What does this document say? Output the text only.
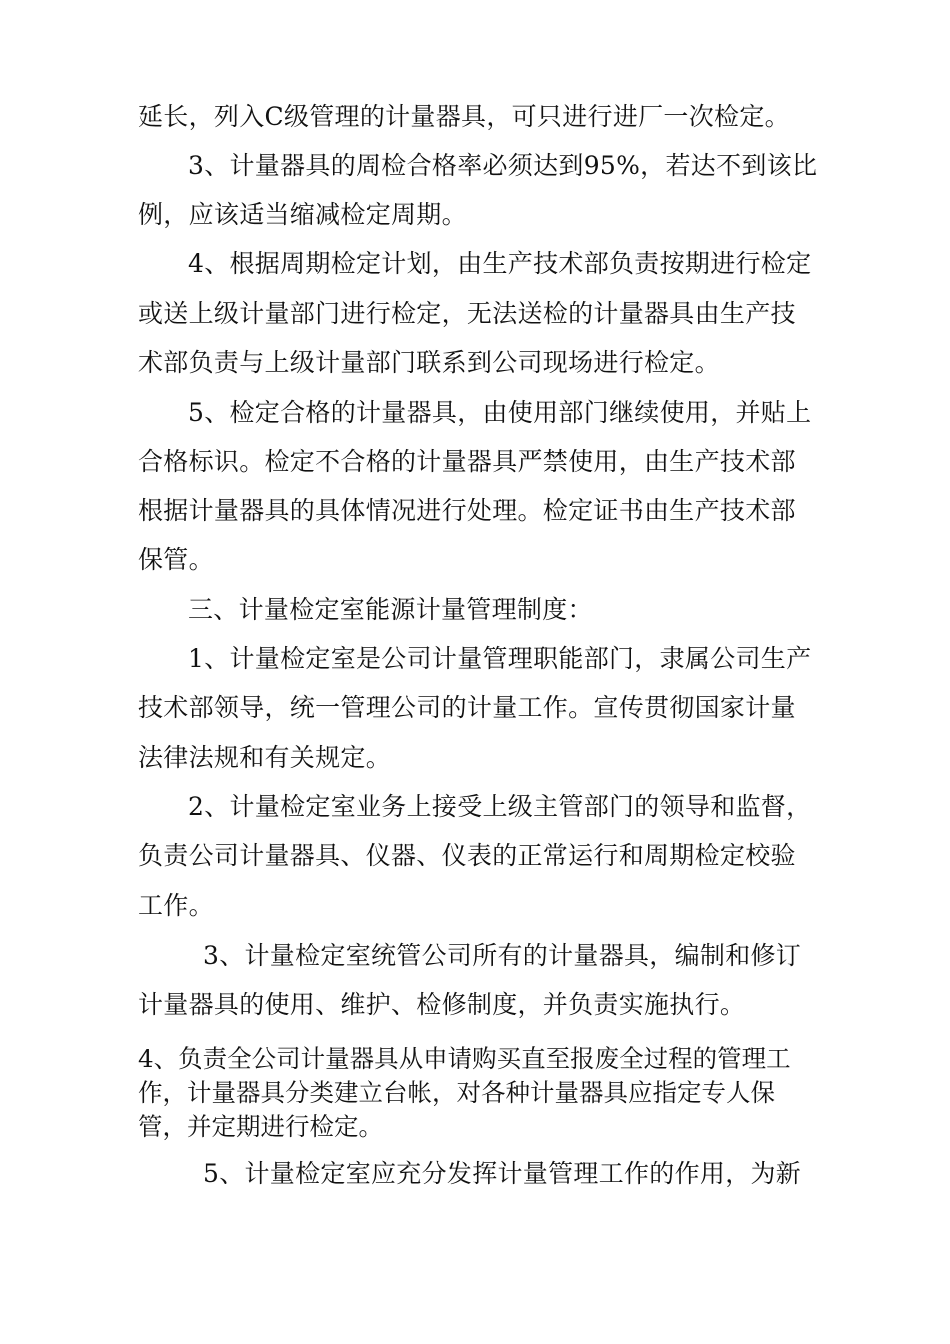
延长，列入C级管理的计量器具，可只进行进厂一次检定。

3、计量器具的周检合格率必须达到95%，若达不到该比

例，应该适当缩减检定周期。

4、根据周期检定计划，由生产技术部负责按期进行检定

或送上级计量部门进行检定，无法送检的计量器具由生产技

术部负责与上级计量部门联系到公司现场进行检定。

5、检定合格的计量器具，由使用部门继续使用，并贴上

合格标识。检定不合格的计量器具严禁使用，由生产技术部

根据计量器具的具体情况进行处理。检定证书由生产技术部

保管。

三、计量检定室能源计量管理制度：

1、计量检定室是公司计量管理职能部门，隶属公司生产

技术部领导，统一管理公司的计量工作。宣传贯彻国家计量

法律法规和有关规定。

2、计量检定室业务上接受上级主管部门的领导和监督，

负责公司计量器具、仪器、仪表的正常运行和周期检定校验

工作。

3、计量检定室统管公司所有的计量器具，编制和修订

计量器具的使用、维护、检修制度，并负责实施执行。

4、负责全公司计量器具从申请购买直至报废全过程的管理工

作，计量器具分类建立台帐，对各种计量器具应指定专人保

管，并定期进行检定。

5、计量检定室应充分发挥计量管理工作的作用，为新
